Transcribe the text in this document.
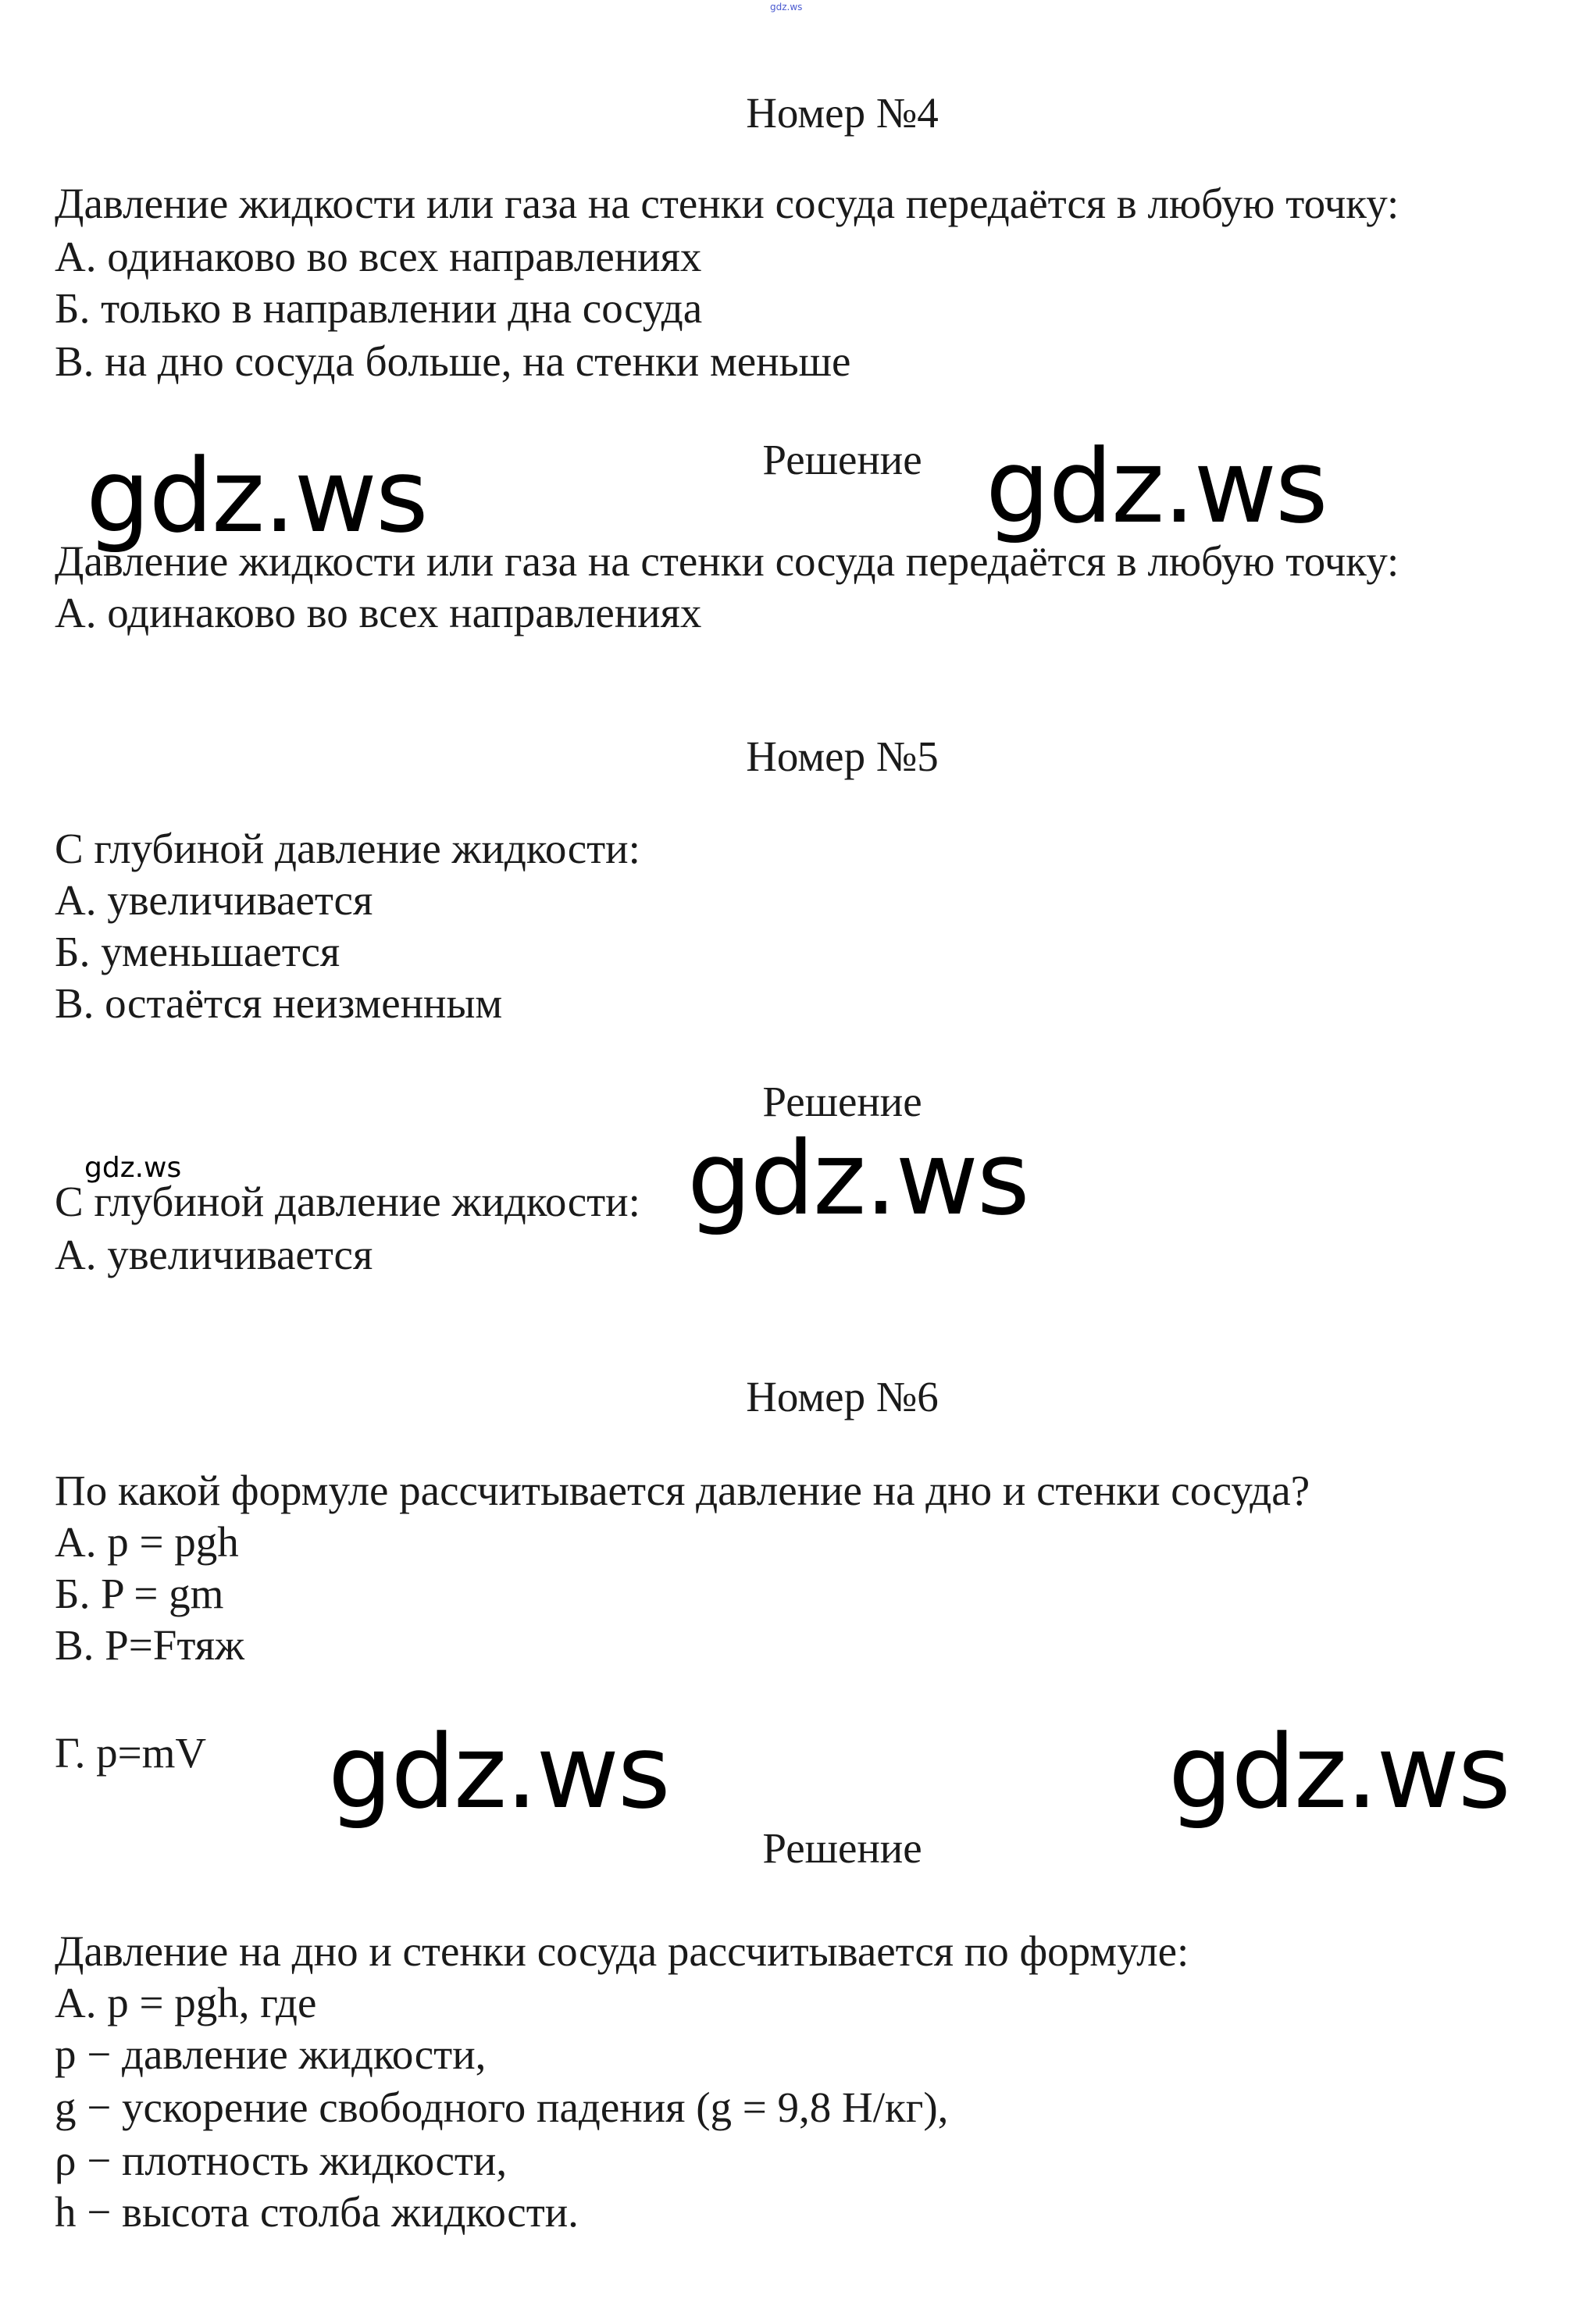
gdz.ws
Номер №4
Давление жидкости или газа на стенки сосуда передаётся в любую точку:
А. одинаково во всех направлениях
Б. только в направлении дна сосуда
В. на дно сосуда больше, на стенки меньше
Решение
gdz.ws	gdz.ws
Давление жидкости или газа на стенки сосуда передаётся в любую точку:
А. одинаково во всех направлениях
Номер №5
С глубиной давление жидкости:
А. увеличивается
Б. уменьшается
В. остаётся неизменным
Решение
gdz.ws	gdz.ws
С глубиной давление жидкости:
А. увеличивается
Номер №6
По какой формуле рассчитывается давление на дно и стенки сосуда?
А. p = pgh
Б. P = gm
В. P=Fтяж
Г. p=mV gdz.ws	gdz.ws
Решение
Давление на дно и стенки сосуда рассчитывается по формуле:
А. p = pgh, где
p − давление жидкости,
g − ускорение свободного падения (g = 9,8 Н/кг),
ρ − плотность жидкости,
h − высота столба жидкости.
